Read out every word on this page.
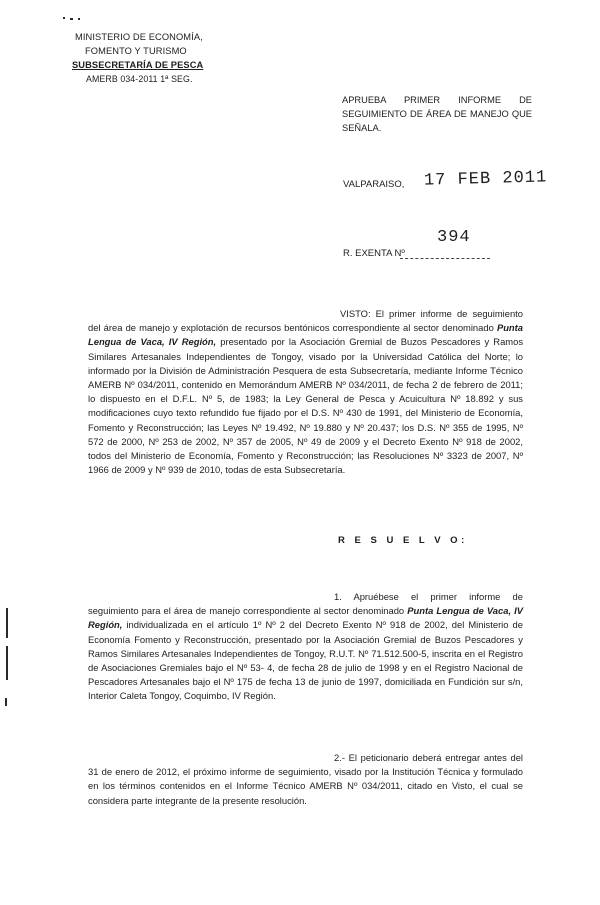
MINISTERIO DE ECONOMÍA,
FOMENTO Y TURISMO
SUBSECRETARÍA DE PESCA
AMERB 034-2011 1ª SEG.
APRUEBA PRIMER INFORME DE SEGUIMIENTO DE ÁREA DE MANEJO QUE SEÑALA.
VALPARAISO, 17 FEB 2011
R. EXENTA Nº
394
VISTO: El primer informe de seguimiento del área de manejo y explotación de recursos bentónicos correspondiente al sector denominado Punta Lengua de Vaca, IV Región, presentado por la Asociación Gremial de Buzos Pescadores y Ramos Similares Artesanales Independientes de Tongoy, visado por la Universidad Católica del Norte; lo informado por la División de Administración Pesquera de esta Subsecretaría, mediante Informe Técnico AMERB Nº 034/2011, contenido en Memorándum AMERB Nº 034/2011, de fecha 2 de febrero de 2011; lo dispuesto en el D.F.L. Nº 5, de 1983; la Ley General de Pesca y Acuicultura Nº 18.892 y sus modificaciones cuyo texto refundido fue fijado por el D.S. Nº 430 de 1991, del Ministerio de Economía, Fomento y Reconstrucción; las Leyes Nº 19.492, Nº 19.880 y Nº 20.437; los D.S. Nº 355 de 1995, Nº 572 de 2000, Nº 253 de 2002, Nº 357 de 2005, Nº 49 de 2009 y el Decreto Exento Nº 918 de 2002, todos del Ministerio de Economía, Fomento y Reconstrucción; las Resoluciones Nº 3323 de 2007, Nº 1966 de 2009 y Nº 939 de 2010, todas de esta Subsecretaría.
R E S U E L V O:
1. Apruébese el primer informe de seguimiento para el área de manejo correspondiente al sector denominado Punta Lengua de Vaca, IV Región, individualizada en el artículo 1º Nº 2 del Decreto Exento Nº 918 de 2002, del Ministerio de Economía Fomento y Reconstrucción, presentado por la Asociación Gremial de Buzos Pescadores y Ramos Similares Artesanales Independientes de Tongoy, R.U.T. Nº 71.512.500-5, inscrita en el Registro de Asociaciones Gremiales bajo el Nº 53- 4, de fecha 28 de julio de 1998 y en el Registro Nacional de Pescadores Artesanales bajo el Nº 175 de fecha 13 de junio de 1997, domiciliada en Fundición sur s/n, Interior Caleta Tongoy, Coquimbo, IV Región.
2.- El peticionario deberá entregar antes del 31 de enero de 2012, el próximo informe de seguimiento, visado por la Institución Técnica y formulado en los términos contenidos en el Informe Técnico AMERB Nº 034/2011, citado en Visto, el cual se considera parte integrante de la presente resolución.
